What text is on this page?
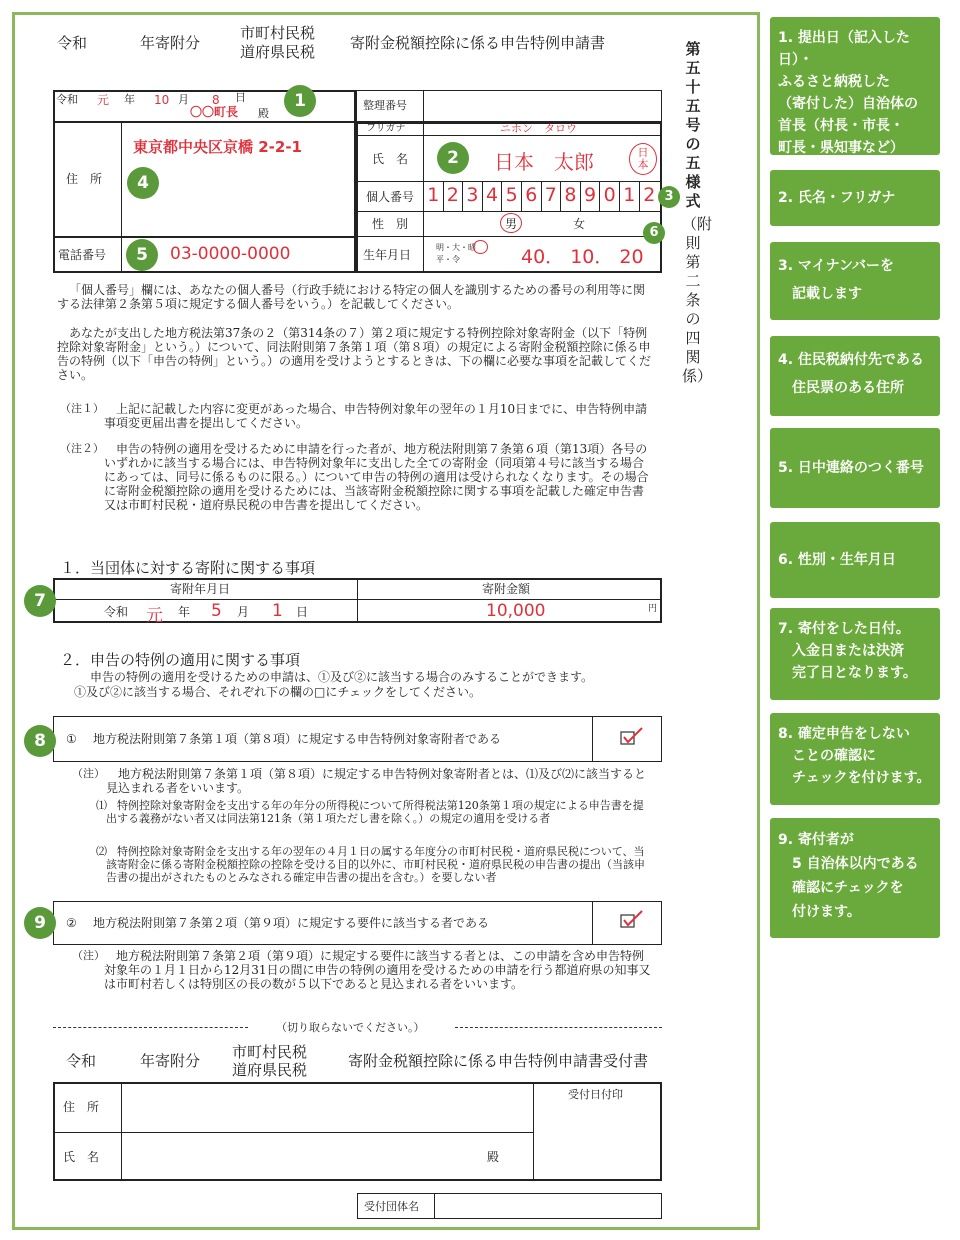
令和	年寄附分
市町村民税
道府県民税 寄附金税額控除に係る申告特例申請書	第五十五号の五様式
（附則第二条の四関係）
令和 元 年 10 月 8 日
〇〇町長 殿
住　所
東京都中央区京橋 2-2-1
電話番号	03-0000-0000
整理番号
フリガナ	ニホン　タロウ
氏　名	日本　太郎	日本
個人番号 1 2 3 4 5 6 7 8 9 0 1 2
性　別	男	女
生年月日
明・大・昭
平・令	40． 10． 20
「個人番号」欄には、あなたの個人番号（行政手続における特定の個人を識別するための番号の利用等に関する法律第２条第５項に規定する個人番号をいう。）を記載してください。
あなたが支出した地方税法第37条の２（第314条の７）第２項に規定する特例控除対象寄附金（以下「特例控除対象寄附金」という。）について、同法附則第７条第１項（第８項）の規定による寄附金税額控除に係る申告の特例（以下「申告の特例」という。）の適用を受けようとするときは、下の欄に必要な事項を記載してください。
（注１）	上記に記載した内容に変更があった場合、申告特例対象年の翌年の１月10日までに、申告特例申請事項変更届出書を提出してください。
（注２）	申告の特例の適用を受けるために申請を行った者が、地方税法附則第７条第６項（第13項）各号のいずれかに該当する場合には、申告特例対象年に支出した全ての寄附金（同項第４号に該当する場合にあっては、同号に係るものに限る。）について申告の特例の適用は受けられなくなります。その場合に寄附金税額控除の適用を受けるためには、当該寄附金税額控除に関する事項を記載した確定申告書又は市町村民税・道府県民税の申告書を提出してください。
１．当団体に対する寄附に関する事項
寄附年月日	寄附金額
令和 元 年 5 月 1 日	10,000	円
２．申告の特例の適用に関する事項
申告の特例の適用を受けるための申請は、①及び②に該当する場合のみすることができます。
①及び②に該当する場合、それぞれ下の欄の□にチェックをしてください。
① 地方税法附則第７条第１項（第８項）に規定する申告特例対象寄附者である
（注）	地方税法附則第７条第１項（第８項）に規定する申告特例対象寄附者とは、⑴及び⑵に該当すると見込まれる者をいいます。
⑴ 特例控除対象寄附金を支出する年の年分の所得税について所得税法第120条第１項の規定による申告書を提出する義務がない者又は同法第121条（第１項ただし書を除く。）の規定の適用を受ける者
⑵ 特例控除対象寄附金を支出する年の翌年の４月１日の属する年度分の市町村民税・道府県民税について、当該寄附金に係る寄附金税額控除の控除を受ける目的以外に、市町村民税・道府県民税の申告書の提出（当該申告書の提出がされたものとみなされる確定申告書の提出を含む。）を要しない者
② 地方税法附則第７条第２項（第９項）に規定する要件に該当する者である
（注） 地方税法附則第７条第２項（第９項）に規定する要件に該当する者とは、この申請を含め申告特例対象年の１月１日から12月31日の間に申告の特例の適用を受けるための申請を行う都道府県の知事又は市町村若しくは特別区の長の数が５以下であると見込まれる者をいいます。
（切り取らないでください。）
令和	年寄附分 市町村民税
道府県民税	寄附金税額控除に係る申告特例申請書受付書
住　所
氏　名	殿
受付日付印
受付団体名
1
2
3
4
5
6
7
8
9
1. 提出日（記入した日）・
ふるさと納税した
（寄付した）自治体の
首長（村長・市長・
町長・県知事など）
2. 氏名・フリガナ
3. マイナンバーを
　記載します
4. 住民税納付先である
　住民票のある住所
5. 日中連絡のつく番号
6. 性別・生年月日
7. 寄付をした日付。
　入金日または決済
　完了日となります。
8. 確定申告をしない
　ことの確認に
　チェックを付けます。
9. 寄付者が
　5 自治体以内である
　確認にチェックを
　付けます。
